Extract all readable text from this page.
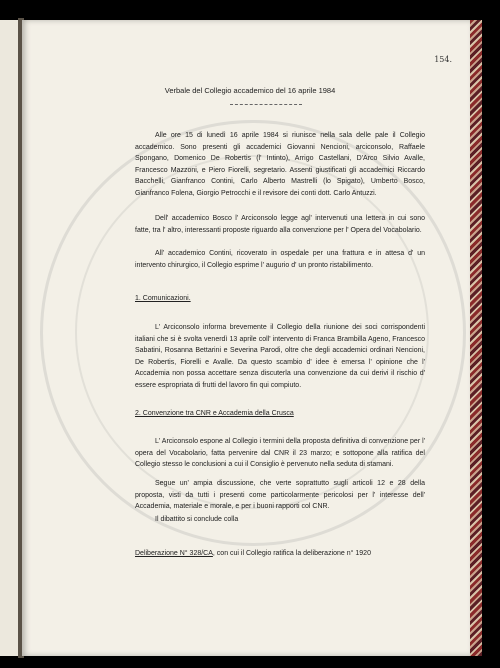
154.
Verbale del Collegio accademico del 16 aprile 1984
Alle ore 15 di lunedì 16 aprile 1984 si riunisce nella sala delle pale il Collegio accademico. Sono presenti gli accademici Giovanni Nencioni, arciconsolo, Raffaele Spongano, Domenico De Robertis (l' Intinto), Arrigo Castellani, D'Arco Silvio Avalle, Francesco Mazzoni, e Piero Fiorelli, segretario. Assenti giustificati gli accademici Riccardo Bacchelli, Gianfranco Contini, Carlo Alberto Mastrelli (lo Spigato), Umberto Bosco, Gianfranco Folena, Giorgio Petrocchi e il revisore dei conti dott. Carlo Antuzzi.
Dell' accademico Bosco l' Arciconsolo legge agl' intervenuti una lettera in cui sono fatte, tra l' altro, interessanti proposte riguardo alla convenzione per l' Opera del Vocabolario.
All' accademico Contini, ricoverato in ospedale per una frattura e in attesa d' un intervento chirurgico, il Collegio esprime l' augurio d' un pronto ristabilimento.
1. Comunicazioni.
L' Arciconsolo informa brevemente il Collegio della riunione dei soci corrispondenti italiani che si è svolta venerdì 13 aprile coll' intervento di Franca Brambilla Ageno, Francesco Sabatini, Rosanna Bettarini e Severina Parodi, oltre che degli accademici ordinari Nencioni, De Robertis, Fiorelli e Avalle. Da questo scambio d' idee è emersa l' opinione che l' Accademia non possa accettare senza discuterla una convenzione da cui derivi il rischio d' essere espropriata di frutti del lavoro fin qui compiuto.
2. Convenzione tra CNR e Accademia della Crusca
L' Arciconsolo espone al Collegio i termini della proposta definitiva di convenzione per l' opera del Vocabolario, fatta pervenire dal CNR il 23 marzo; e sottopone alla ratifica del Collegio stesso le conclusioni a cui il Consiglio è pervenuto nella seduta di stamani.
Segue un' ampia discussione, che verte soprattutto sugli articoli 12 e 28 della proposta, visti da tutti i presenti come particolarmente pericolosi per l' interesse dell' Accademia, materiale e morale, e per i buoni rapporti col CNR.
Il dibattito si conclude colla
Deliberazione N° 328/CA, con cui il Collegio ratifica la deliberazione n° 1920
